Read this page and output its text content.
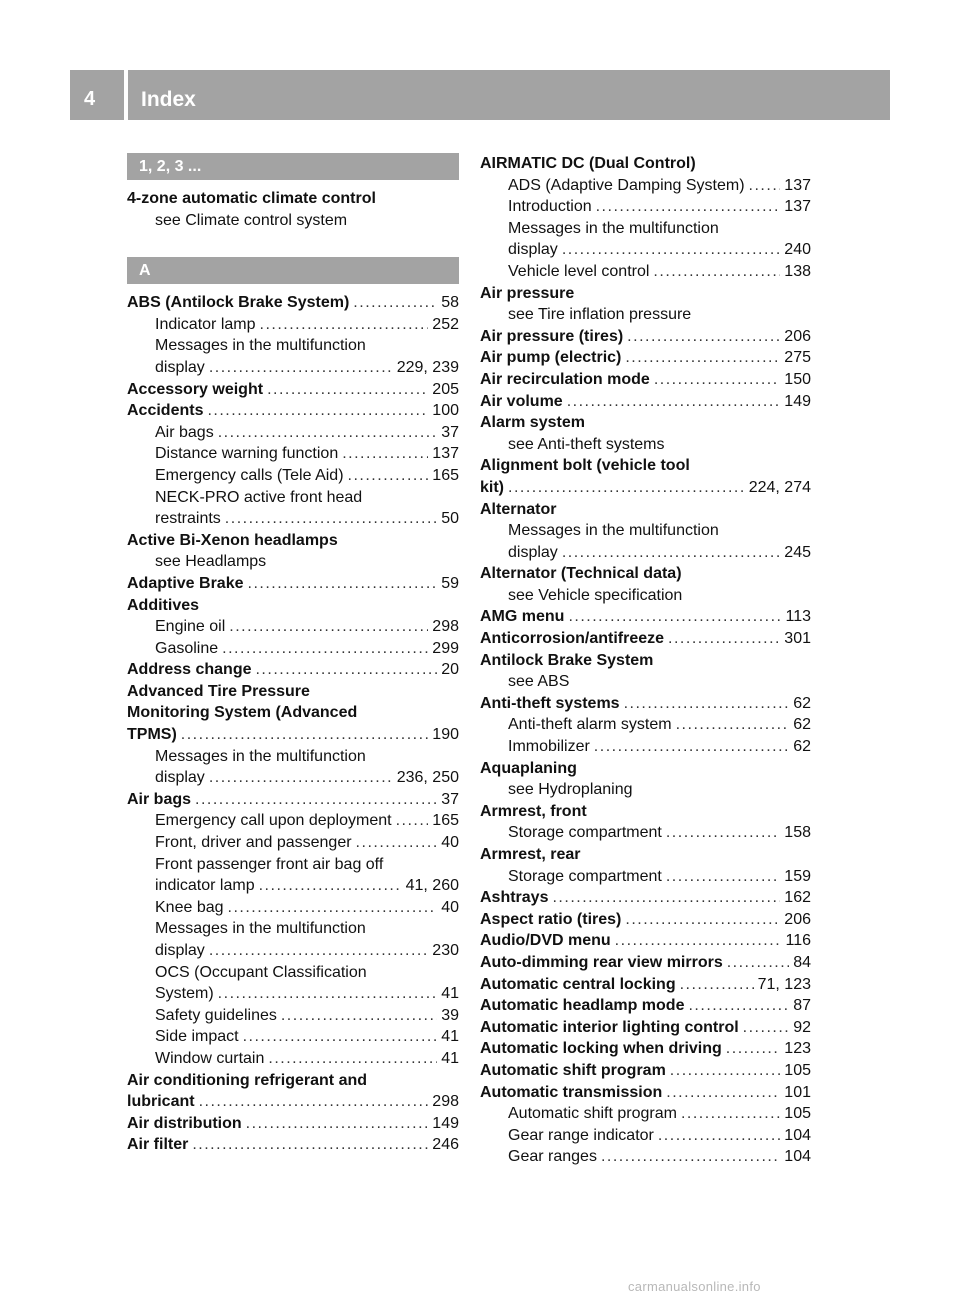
4 Index
1, 2, 3 ...
4-zone automatic climate control
see Climate control system
A
ABS (Antilock Brake System) .....	58
Indicator lamp .....	252
Messages in the multifunction
display .....	229, 239
Accessory weight .....	205
Accidents .....	100
Air bags .....	37
Distance warning function .....	137
Emergency calls (Tele Aid) .....	165
NECK-PRO active front head
restraints .....	50
Active Bi-Xenon headlamps
see Headlamps
Adaptive Brake .....	59
Additives
Engine oil .....	298
Gasoline .....	299
Address change .....	20
Advanced Tire Pressure
Monitoring System (Advanced
TPMS) .....	190
Messages in the multifunction
display .....	236, 250
Air bags .....	37
Emergency call upon deployment .....	165
Front, driver and passenger .....	40
Front passenger front air bag off
indicator lamp .....	41, 260
Knee bag .....	40
Messages in the multifunction
display .....	230
OCS (Occupant Classification
System) .....	41
Safety guidelines .....	39
Side impact .....	41
Window curtain .....	41
Air conditioning refrigerant and
lubricant .....	298
Air distribution .....	149
Air filter .....	246
AIRMATIC DC (Dual Control)
ADS (Adaptive Damping System) ..... 137
Introduction .....	137
Messages in the multifunction
display .....	240
Vehicle level control .....	138
Air pressure
see Tire inflation pressure
Air pressure (tires) .....	206
Air pump (electric) .....	275
Air recirculation mode .....	150
Air volume .....	149
Alarm system
see Anti-theft systems
Alignment bolt (vehicle tool
kit) .....	224, 274
Alternator
Messages in the multifunction
display .....	245
Alternator (Technical data)
see Vehicle specification
AMG menu .....	113
Anticorrosion/antifreeze .....	301
Antilock Brake System
see ABS
Anti-theft systems .....	62
Anti-theft alarm system .....	62
Immobilizer .....	62
Aquaplaning
see Hydroplaning
Armrest, front
Storage compartment .....	158
Armrest, rear
Storage compartment .....	159
Ashtrays .....	162
Aspect ratio (tires) .....	206
Audio/DVD menu .....	116
Auto-dimming rear view mirrors .....	84
Automatic central locking .....	71, 123
Automatic headlamp mode .....	87
Automatic interior lighting control .....	92
Automatic locking when driving .....	123
Automatic shift program .....	105
Automatic transmission .....	101
Automatic shift program .....	105
Gear range indicator .....	104
Gear ranges .....	104
carmanualsonline.info
